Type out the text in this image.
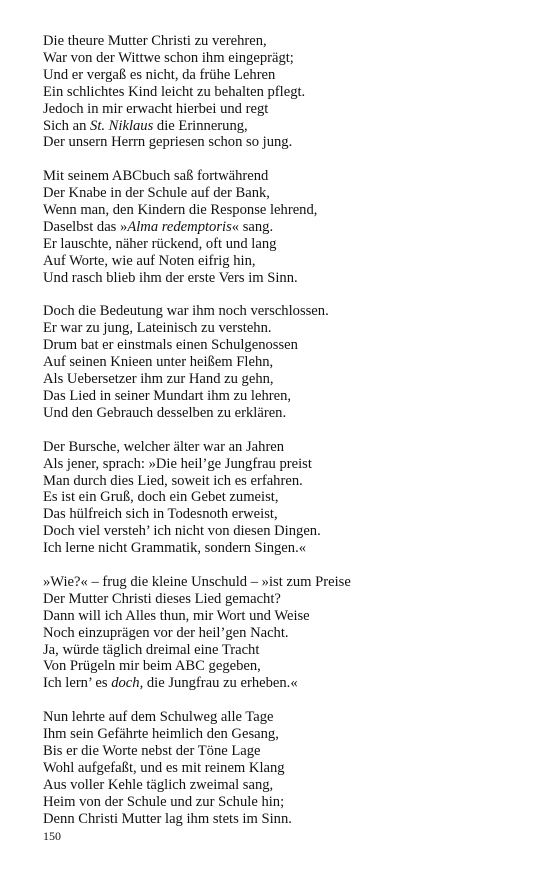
Die theure Mutter Christi zu verehren,
War von der Wittwe schon ihm eingeprägt;
Und er vergaß es nicht, da frühe Lehren
Ein schlichtes Kind leicht zu behalten pflegt.
Jedoch in mir erwacht hierbei und regt
Sich an St. Niklaus die Erinnerung,
Der unsern Herrn gepriesen schon so jung.
Mit seinem ABCbuch saß fortwährend
Der Knabe in der Schule auf der Bank,
Wenn man, den Kindern die Response lehrend,
Daselbst das »Alma redemptoris« sang.
Er lauschte, näher rückend, oft und lang
Auf Worte, wie auf Noten eifrig hin,
Und rasch blieb ihm der erste Vers im Sinn.
Doch die Bedeutung war ihm noch verschlossen.
Er war zu jung, Lateinisch zu verstehn.
Drum bat er einstmals einen Schulgenossen
Auf seinen Knieen unter heißem Flehn,
Als Uebersetzer ihm zur Hand zu gehn,
Das Lied in seiner Mundart ihm zu lehren,
Und den Gebrauch desselben zu erklären.
Der Bursche, welcher älter war an Jahren
Als jener, sprach: »Die heil’ge Jungfrau preist
Man durch dies Lied, soweit ich es erfahren.
Es ist ein Gruß, doch ein Gebet zumeist,
Das hülfreich sich in Todesnoth erweist,
Doch viel versteh’ ich nicht von diesen Dingen.
Ich lerne nicht Grammatik, sondern Singen.«
»Wie?« – frug die kleine Unschuld – »ist zum Preise
Der Mutter Christi dieses Lied gemacht?
Dann will ich Alles thun, mir Wort und Weise
Noch einzuprägen vor der heil’gen Nacht.
Ja, würde täglich dreimal eine Tracht
Von Prügeln mir beim ABC gegeben,
Ich lern’ es doch, die Jungfrau zu erheben.«
Nun lehrte auf dem Schulweg alle Tage
Ihm sein Gefährte heimlich den Gesang,
Bis er die Worte nebst der Töne Lage
Wohl aufgefaßt, und es mit reinem Klang
Aus voller Kehle täglich zweimal sang,
Heim von der Schule und zur Schule hin;
Denn Christi Mutter lag ihm stets im Sinn.
150
